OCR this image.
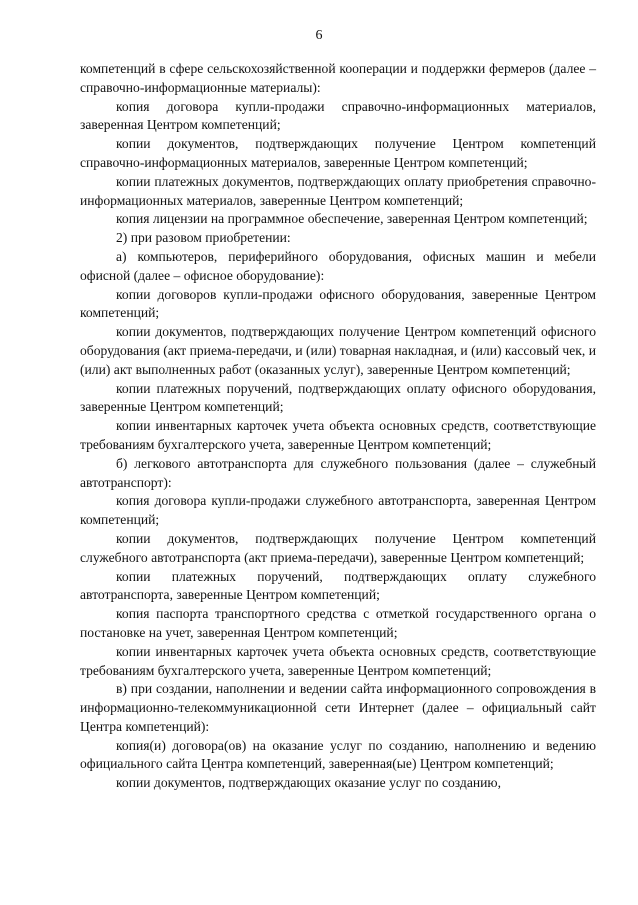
6

компетенций в сфере сельскохозяйственной кооперации и поддержки фермеров (далее – справочно-информационные материалы):

копия договора купли-продажи справочно-информационных материалов, заверенная Центром компетенций;

копии документов, подтверждающих получение Центром компетенций справочно-информационных материалов, заверенные Центром компетенций;

копии платежных документов, подтверждающих оплату приобретения справочно-информационных материалов, заверенные Центром компетенций;

копия лицензии на программное обеспечение, заверенная Центром компетенций;

2) при разовом приобретении:

а) компьютеров, периферийного оборудования, офисных машин и мебели офисной (далее – офисное оборудование):

копии договоров купли-продажи офисного оборудования, заверенные Центром компетенций;

копии документов, подтверждающих получение Центром компетенций офисного оборудования (акт приема-передачи, и (или) товарная накладная, и (или) кассовый чек, и (или) акт выполненных работ (оказанных услуг), заверенные Центром компетенций;

копии платежных поручений, подтверждающих оплату офисного оборудования, заверенные Центром компетенций;

копии инвентарных карточек учета объекта основных средств, соответствующие требованиям бухгалтерского учета, заверенные Центром компетенций;

б) легкового автотранспорта для служебного пользования (далее – служебный автотранспорт):

копия договора купли-продажи служебного автотранспорта, заверенная Центром компетенций;

копии документов, подтверждающих получение Центром компетенций служебного автотранспорта (акт приема-передачи), заверенные Центром компетенций;

копии платежных поручений, подтверждающих оплату служебного автотранспорта, заверенные Центром компетенций;

копия паспорта транспортного средства с отметкой государственного органа о постановке на учет, заверенная Центром компетенций;

копии инвентарных карточек учета объекта основных средств, соответствующие требованиям бухгалтерского учета, заверенные Центром компетенций;

в) при создании, наполнении и ведении сайта информационного сопровождения в информационно-телекоммуникационной сети Интернет (далее – официальный сайт Центра компетенций):

копия(и) договора(ов) на оказание услуг по созданию, наполнению и ведению официального сайта Центра компетенций, заверенная(ые) Центром компетенций;

копии документов, подтверждающих оказание услуг по созданию,
